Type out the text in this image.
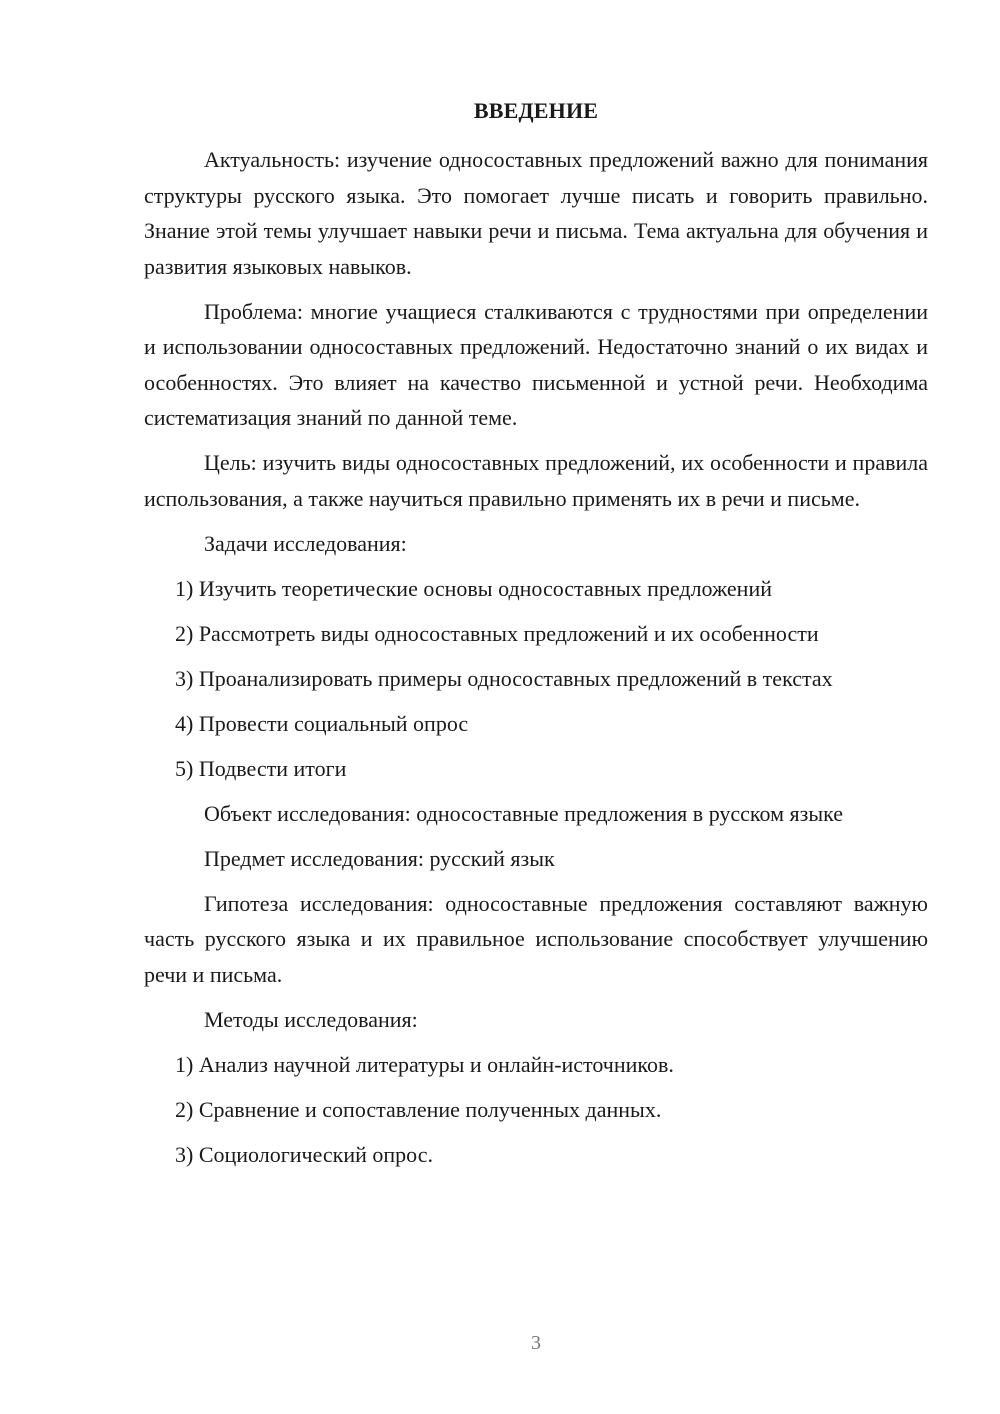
ВВЕДЕНИЕ

Актуальность: изучение односоставных предложений важно для понимания структуры русского языка. Это помогает лучше писать и говорить правильно. Знание этой темы улучшает навыки речи и письма. Тема актуальна для обучения и развития языковых навыков.

Проблема: многие учащиеся сталкиваются с трудностями при определении и использовании односоставных предложений. Недостаточно знаний о их видах и особенностях. Это влияет на качество письменной и устной речи. Необходима систематизация знаний по данной теме.

Цель: изучить виды односоставных предложений, их особенности и правила использования, а также научиться правильно применять их в речи и письме.

Задачи исследования:
1) Изучить теоретические основы односоставных предложений
2) Рассмотреть виды односоставных предложений и их особенности
3) Проанализировать примеры односоставных предложений в текстах
4) Провести социальный опрос
5) Подвести итоги
Объект исследования: односоставные предложения в русском языке
Предмет исследования: русский язык

Гипотеза исследования: односоставные предложения составляют важную часть русского языка и их правильное использование способствует улучшению речи и письма.

Методы исследования:
1) Анализ научной литературы и онлайн-источников.
2) Сравнение и сопоставление полученных данных.
3) Социологический опрос.
3
